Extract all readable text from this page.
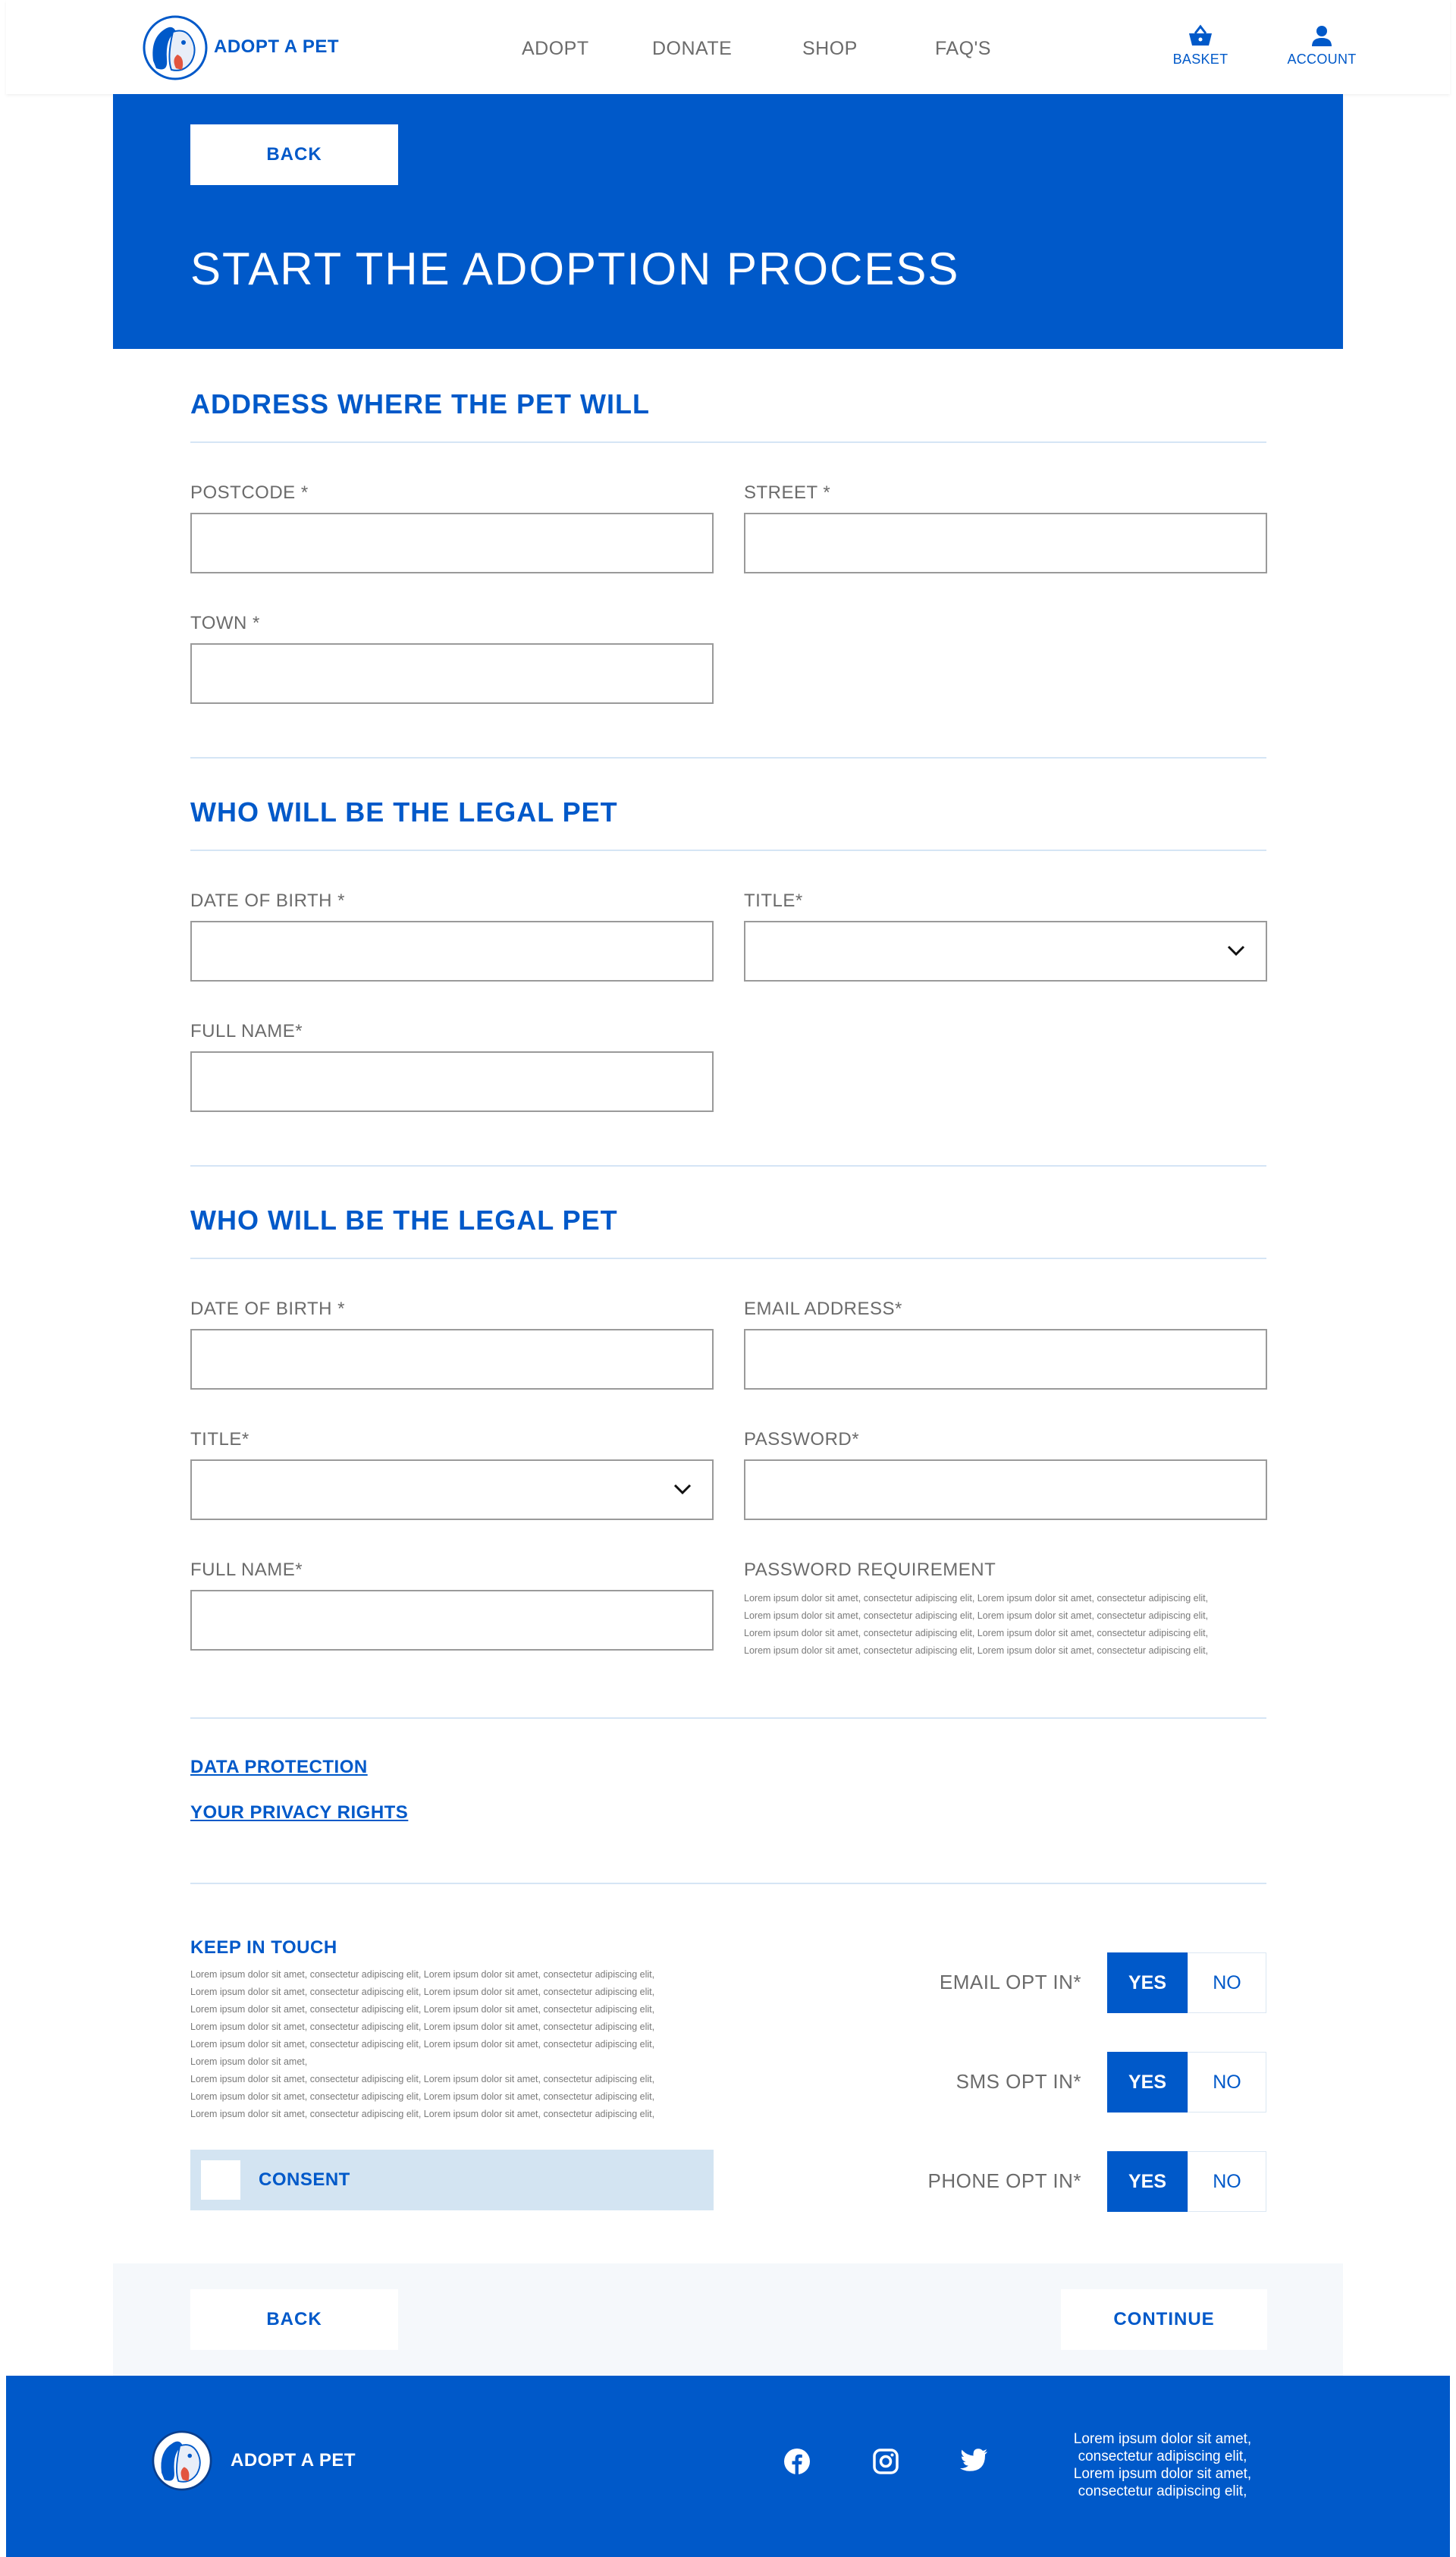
ADOPT A PET	ADOPT	DONATE	SHOP	FAQ'S	BASKET	ACCOUNT
BACK
START THE ADOPTION PROCESS
ADDRESS WHERE THE PET WILL
POSTCODE *	STREET *
TOWN *
WHO WILL BE THE LEGAL PET
DATE OF BIRTH *	TITLE*
FULL NAME*
WHO WILL BE THE LEGAL PET
DATE OF BIRTH *	EMAIL ADDRESS*
TITLE*	PASSWORD*
FULL NAME*	PASSWORD REQUIREMENT
Lorem ipsum dolor sit amet, consectetur adipiscing elit, Lorem ipsum dolor sit amet, consectetur adipiscing elit,
Lorem ipsum dolor sit amet, consectetur adipiscing elit, Lorem ipsum dolor sit amet, consectetur adipiscing elit,
Lorem ipsum dolor sit amet, consectetur adipiscing elit, Lorem ipsum dolor sit amet, consectetur adipiscing elit,
Lorem ipsum dolor sit amet, consectetur adipiscing elit, Lorem ipsum dolor sit amet, consectetur adipiscing elit,
DATA PROTECTION
YOUR PRIVACY RIGHTS
KEEP IN TOUCH
Lorem ipsum dolor sit amet, consectetur adipiscing elit, Lorem ipsum dolor sit amet, consectetur adipiscing elit,
Lorem ipsum dolor sit amet, consectetur adipiscing elit, Lorem ipsum dolor sit amet, consectetur adipiscing elit,
Lorem ipsum dolor sit amet, consectetur adipiscing elit, Lorem ipsum dolor sit amet, consectetur adipiscing elit,
Lorem ipsum dolor sit amet, consectetur adipiscing elit, Lorem ipsum dolor sit amet, consectetur adipiscing elit,
Lorem ipsum dolor sit amet, consectetur adipiscing elit, Lorem ipsum dolor sit amet, consectetur adipiscing elit,
Lorem ipsum dolor sit amet,
Lorem ipsum dolor sit amet, consectetur adipiscing elit, Lorem ipsum dolor sit amet, consectetur adipiscing elit,
Lorem ipsum dolor sit amet, consectetur adipiscing elit, Lorem ipsum dolor sit amet, consectetur adipiscing elit,
Lorem ipsum dolor sit amet, consectetur adipiscing elit, Lorem ipsum dolor sit amet, consectetur adipiscing elit,
CONSENT
EMAIL OPT IN*	YES	NO
SMS OPT IN*	YES	NO
PHONE OPT IN*	YES	NO
BACK	CONTINUE
ADOPT A PET
Lorem ipsum dolor sit amet,
consectetur adipiscing elit,
Lorem ipsum dolor sit amet,
consectetur adipiscing elit,
